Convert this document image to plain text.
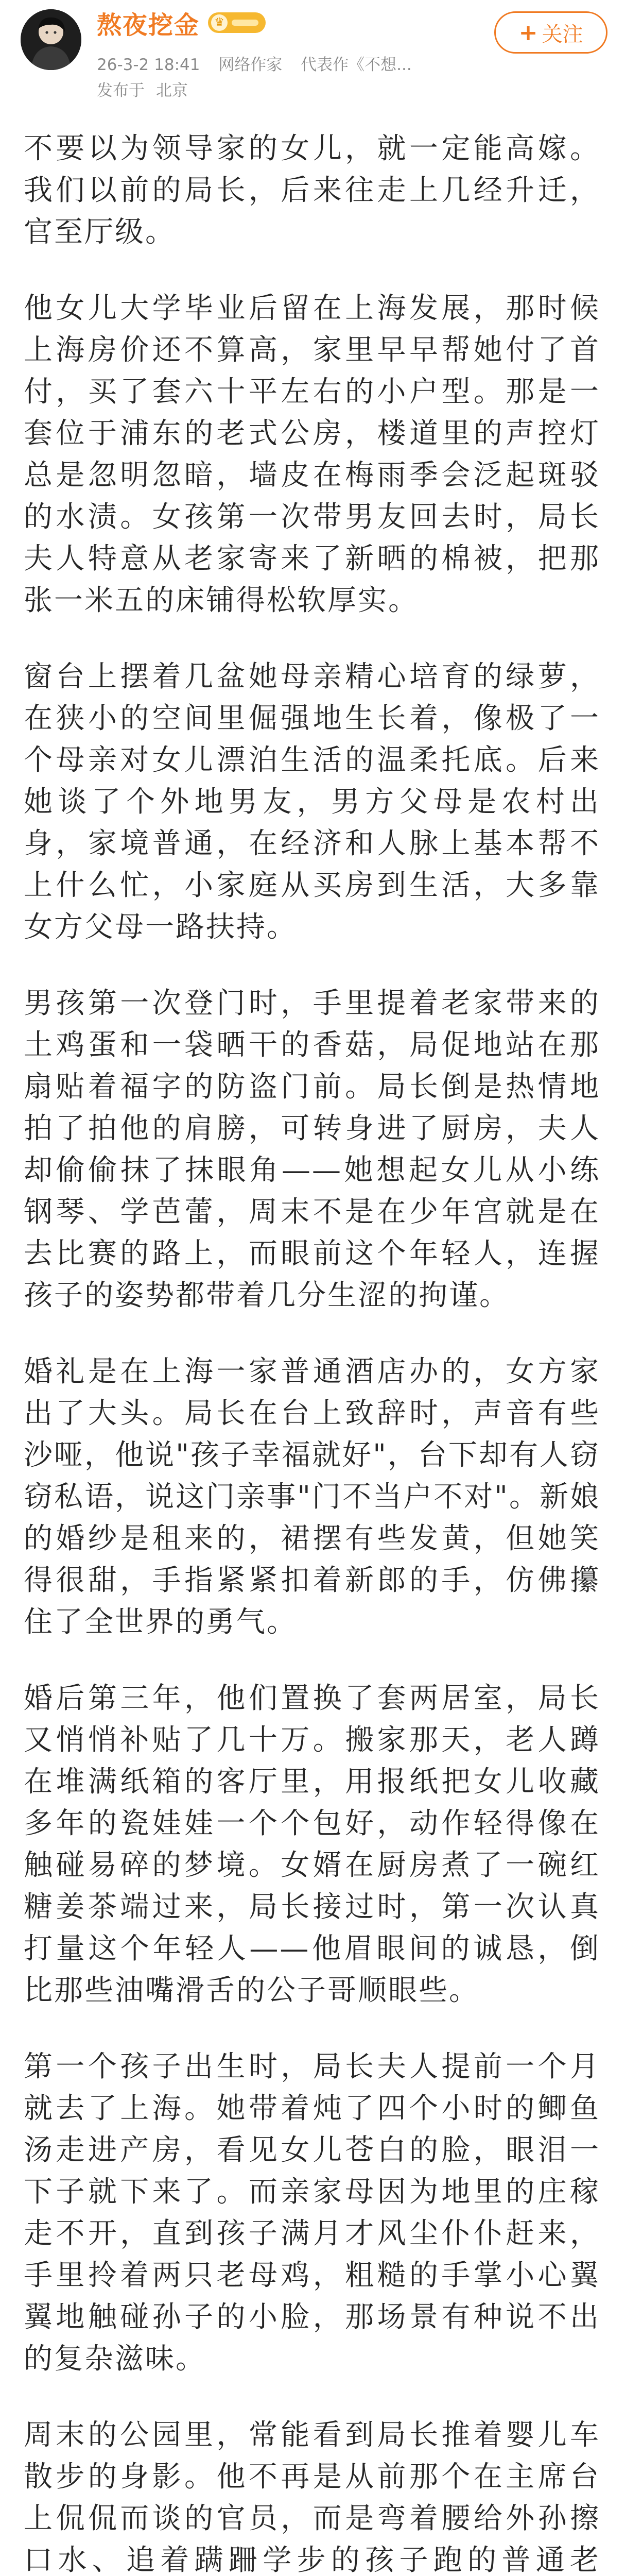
熬夜挖金 ♛	+ 关注
26-3-2 18:41 网络作家 代表作《不想...
发布于 北京

不要以为领导家的女儿，就一定能高嫁。我们以前的局长，后来往走上几经升迁，官至厅级。

他女儿大学毕业后留在上海发展，那时候上海房价还不算高，家里早早帮她付了首付，买了套六十平左右的小户型。那是一套位于浦东的老式公房，楼道里的声控灯总是忽明忽暗，墙皮在梅雨季会泛起斑驳的水渍。女孩第一次带男友回去时，局长夫人特意从老家寄来了新晒的棉被，把那张一米五的床铺得松软厚实。

窗台上摆着几盆她母亲精心培育的绿萝，在狭小的空间里倔强地生长着，像极了一个母亲对女儿漂泊生活的温柔托底。后来她谈了个外地男友，男方父母是农村出身，家境普通，在经济和人脉上基本帮不上什么忙，小家庭从买房到生活，大多靠女方父母一路扶持。

男孩第一次登门时，手里提着老家带来的土鸡蛋和一袋晒干的香菇，局促地站在那扇贴着福字的防盗门前。局长倒是热情地拍了拍他的肩膀，可转身进了厨房，夫人却偷偷抹了抹眼角——她想起女儿从小练钢琴、学芭蕾，周末不是在少年宫就是在去比赛的路上，而眼前这个年轻人，连握孩子的姿势都带着几分生涩的拘谨。

婚礼是在上海一家普通酒店办的，女方家出了大头。局长在台上致辞时，声音有些沙哑，他说"孩子幸福就好"，台下却有人窃窃私语，说这门亲事"门不当户不对"。新娘的婚纱是租来的，裙摆有些发黄，但她笑得很甜，手指紧紧扣着新郎的手，仿佛攥住了全世界的勇气。

婚后第三年，他们置换了套两居室，局长又悄悄补贴了几十万。搬家那天，老人蹲在堆满纸箱的客厅里，用报纸把女儿收藏多年的瓷娃娃一个个包好，动作轻得像在触碰易碎的梦境。女婿在厨房煮了一碗红糖姜茶端过来，局长接过时，第一次认真打量这个年轻人——他眉眼间的诚恳，倒比那些油嘴滑舌的公子哥顺眼些。

第一个孩子出生时，局长夫人提前一个月就去了上海。她带着炖了四个小时的鲫鱼汤走进产房，看见女儿苍白的脸，眼泪一下子就下来了。而亲家母因为地里的庄稼走不开，直到孩子满月才风尘仆仆赶来，手里拎着两只老母鸡，粗糙的手掌小心翼翼地触碰孙子的小脸，那场景有种说不出的复杂滋味。

周末的公园里，常能看到局长推着婴儿车散步的身影。他不再是从前那个在主席台上侃侃而谈的官员，而是弯着腰给外孙擦口水、追着蹒跚学步的孩子跑的普通老
